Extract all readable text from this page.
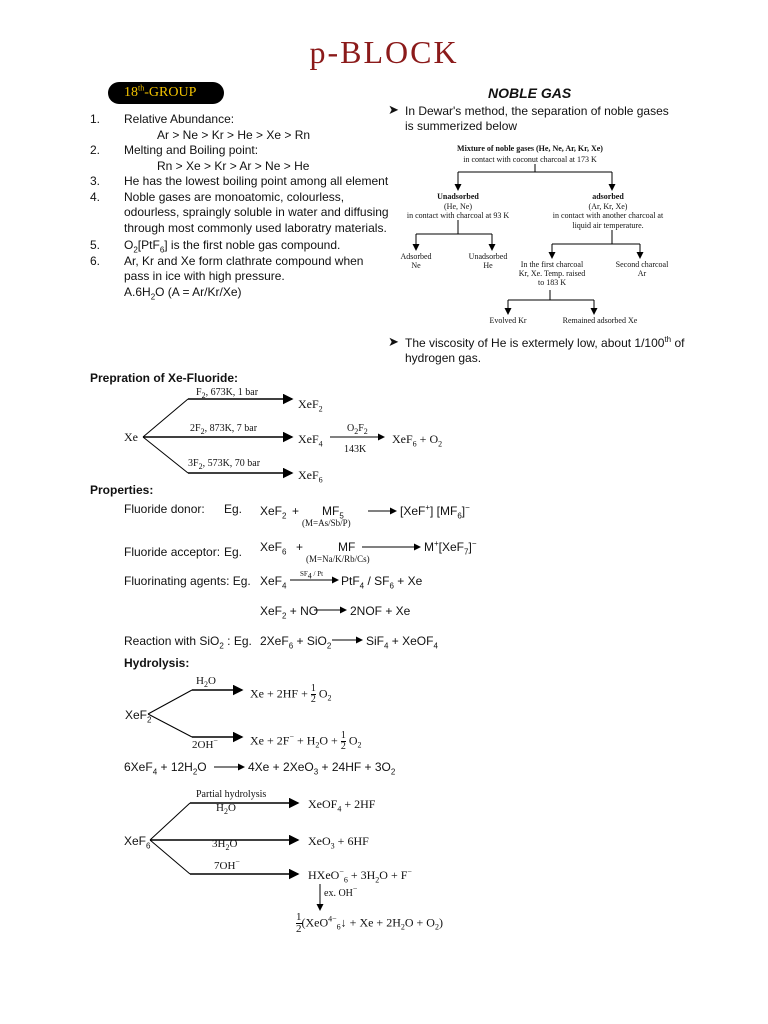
p-BLOCK
18th-GROUP	NOBLE GAS
1. Relative Abundance:
Ar > Ne > Kr > He > Xe > Rn
2. Melting and Boiling point:
Rn > Xe > Kr > Ar > Ne > He
3. He has the lowest boiling point among all element
4. Noble gases are monoatomic, colourless, odourless, spraingly soluble in water and diffusing through most commonly used laboratry materials.
5. $O_2[PtF_6]$ is the first noble gas compound.
6. Ar, Kr and Xe form clathrate compound when pass in ice with high pressure.
$A.6H_2O$ (A = Ar/Kr/Xe)
➤ In Dewar's method, the separation of noble gases is summerized below
➤ The viscosity of He is extermely low, about 1/100th of hydrogen gas.
Mixture of noble gases (He, Ne, Ar, Kr, Xe)
in contact with coconut charcoal at 173 K
Unadsorbed
(He, Ne)
in contact with charcoal at 93 K
adsorbed
(Ar, Kr, Xe)
in contact with another charcoal at
liquid air temperature.
Adsorbed
Ne
Unadsorbed
He	In the first charcoal
Kr, Xe. Temp. raised
to 183 K
Second charcoal
Ar
Evolved Kr	Remained adsorbed Xe
Prepration of Xe-Fluoride:
Xe
$F_2$, 673K, 1 bar
XeF$_2$
$2F_2$, 873K, 7 bar
XeF$_4$
$3F_2$, 573K, 70 bar
XeF$_6$
$O_2F_2$
143K
$XeF_6 + O_2$
Properties:
Fluoride donor: Eg. $XeF_2 + MF_5$
(M=As/Sb/P)
[XeF+] $[MF_6]^-$
Fluoride acceptor: Eg. XeF$_6$ +	MF
(M=Na/K/Rb/Cs)
M+[XeF$_7$]−
Fluorinating agents: Eg. XeF$_4$
$SF_4$ / Pt $PtF_4 / SF_6 + Xe$
XeF$_2$ + NO	2NOF + Xe
Reaction with SiO$_2$ : Eg. 2XeF$_6$ + SiO$_2$	SiF$_4$ + XeOF$_4$
Hydrolysis:
XeF$_2$
$H_2O$
$Xe + 2HF + \frac{1}{2} O_2$
2OH−	$Xe + 2F^- + H_2O + \frac{1}{2} O_2$
$6XeF_4 + 12H_2O$	$4Xe + 2XeO_3 + 24HF + 3O_2$
XeF$_6$
Partial hydrolysis
$H_2O$	XeOF$_4$ + 2HF
$3H_2O$	XeO$_3$ + 6HF
7OH−
HXeO−$_6$ + $3H_2O + F^-$
ex. OH−
$\frac{1}{2}$ (XeO$^{4-}_6$↓ + $Xe + 2H_2O + O_2$)
